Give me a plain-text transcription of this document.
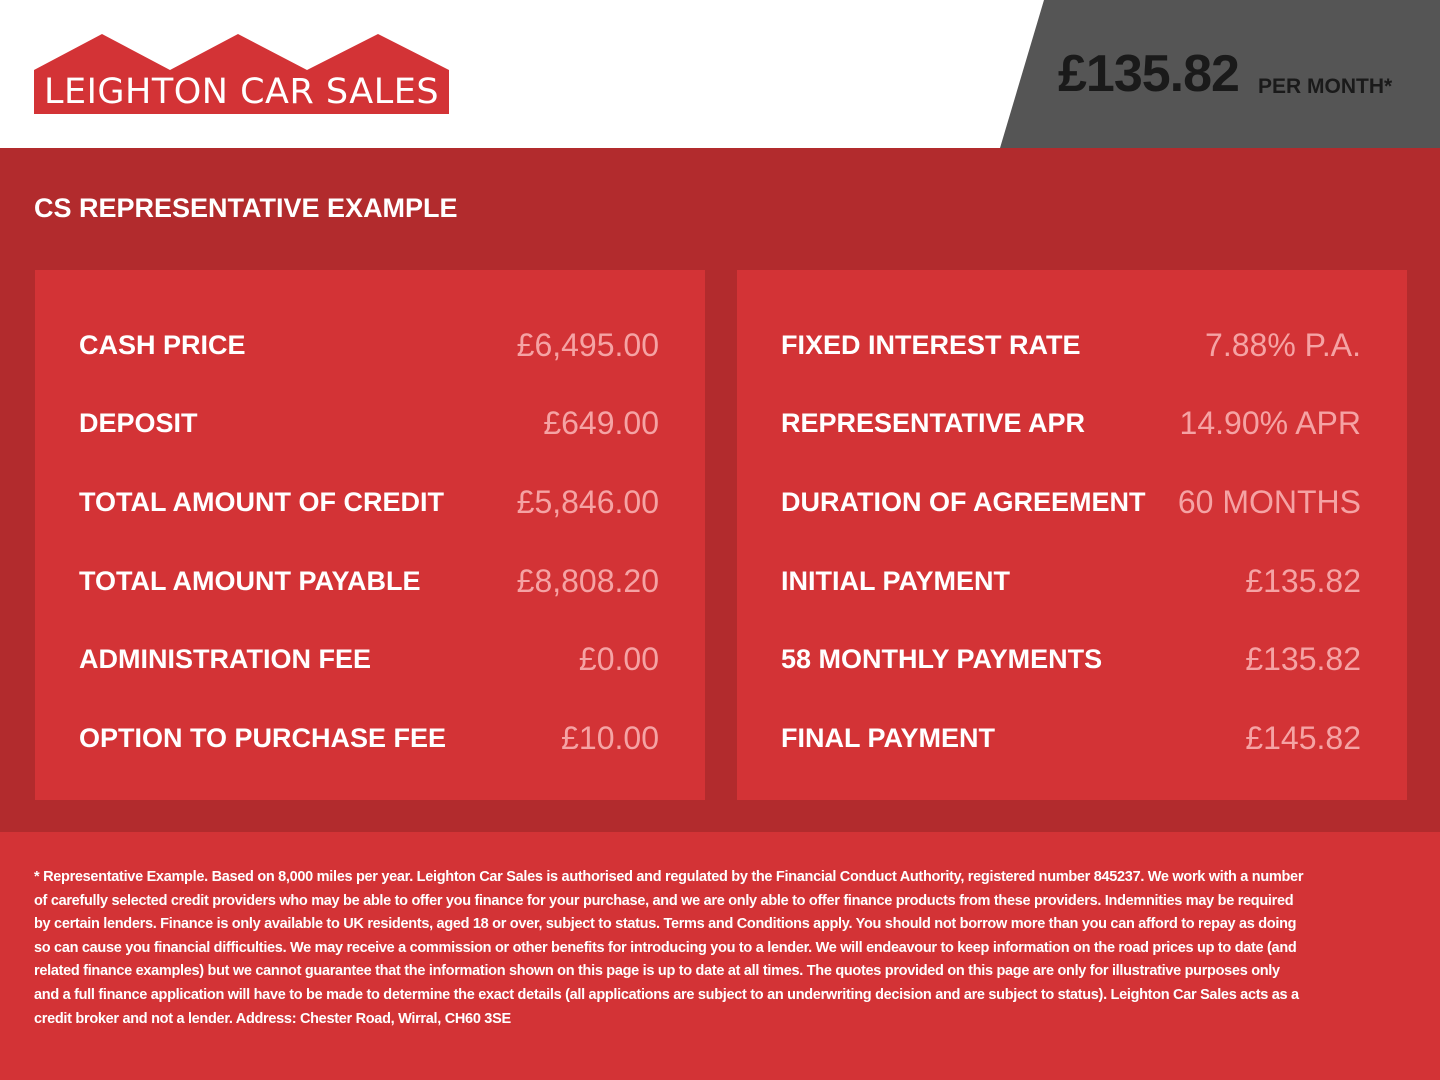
LEIGHTON CAR SALES	£135.82 PER MONTH*
CS REPRESENTATIVE EXAMPLE
CASH PRICE	£6,495.00
DEPOSIT	£649.00
TOTAL AMOUNT OF CREDIT £5,846.00
TOTAL AMOUNT PAYABLE	£8,808.20
ADMINISTRATION FEE	£0.00
OPTION TO PURCHASE FEE	£10.00
FIXED INTEREST RATE	7.88% P.A.
REPRESENTATIVE APR	14.90% APR
DURATION OF AGREEMENT 60 MONTHS
INITIAL PAYMENT	£135.82
58 MONTHLY PAYMENTS	£135.82
FINAL PAYMENT	£145.82
* Representative Example. Based on 8,000 miles per year. Leighton Car Sales is authorised and regulated by the Financial Conduct Authority, registered number 845237. We work with a number of carefully selected credit providers who may be able to offer you finance for your purchase, and we are only able to offer finance products from these providers. Indemnities may be required by certain lenders. Finance is only available to UK residents, aged 18 or over, subject to status. Terms and Conditions apply. You should not borrow more than you can afford to repay as doing so can cause you financial difficulties. We may receive a commission or other benefits for introducing you to a lender. We will endeavour to keep information on the road prices up to date (and related finance examples) but we cannot guarantee that the information shown on this page is up to date at all times. The quotes provided on this page are only for illustrative purposes only and a full finance application will have to be made to determine the exact details (all applications are subject to an underwriting decision and are subject to status). Leighton Car Sales acts as a credit broker and not a lender. Address: Chester Road, Wirral, CH60 3SE
